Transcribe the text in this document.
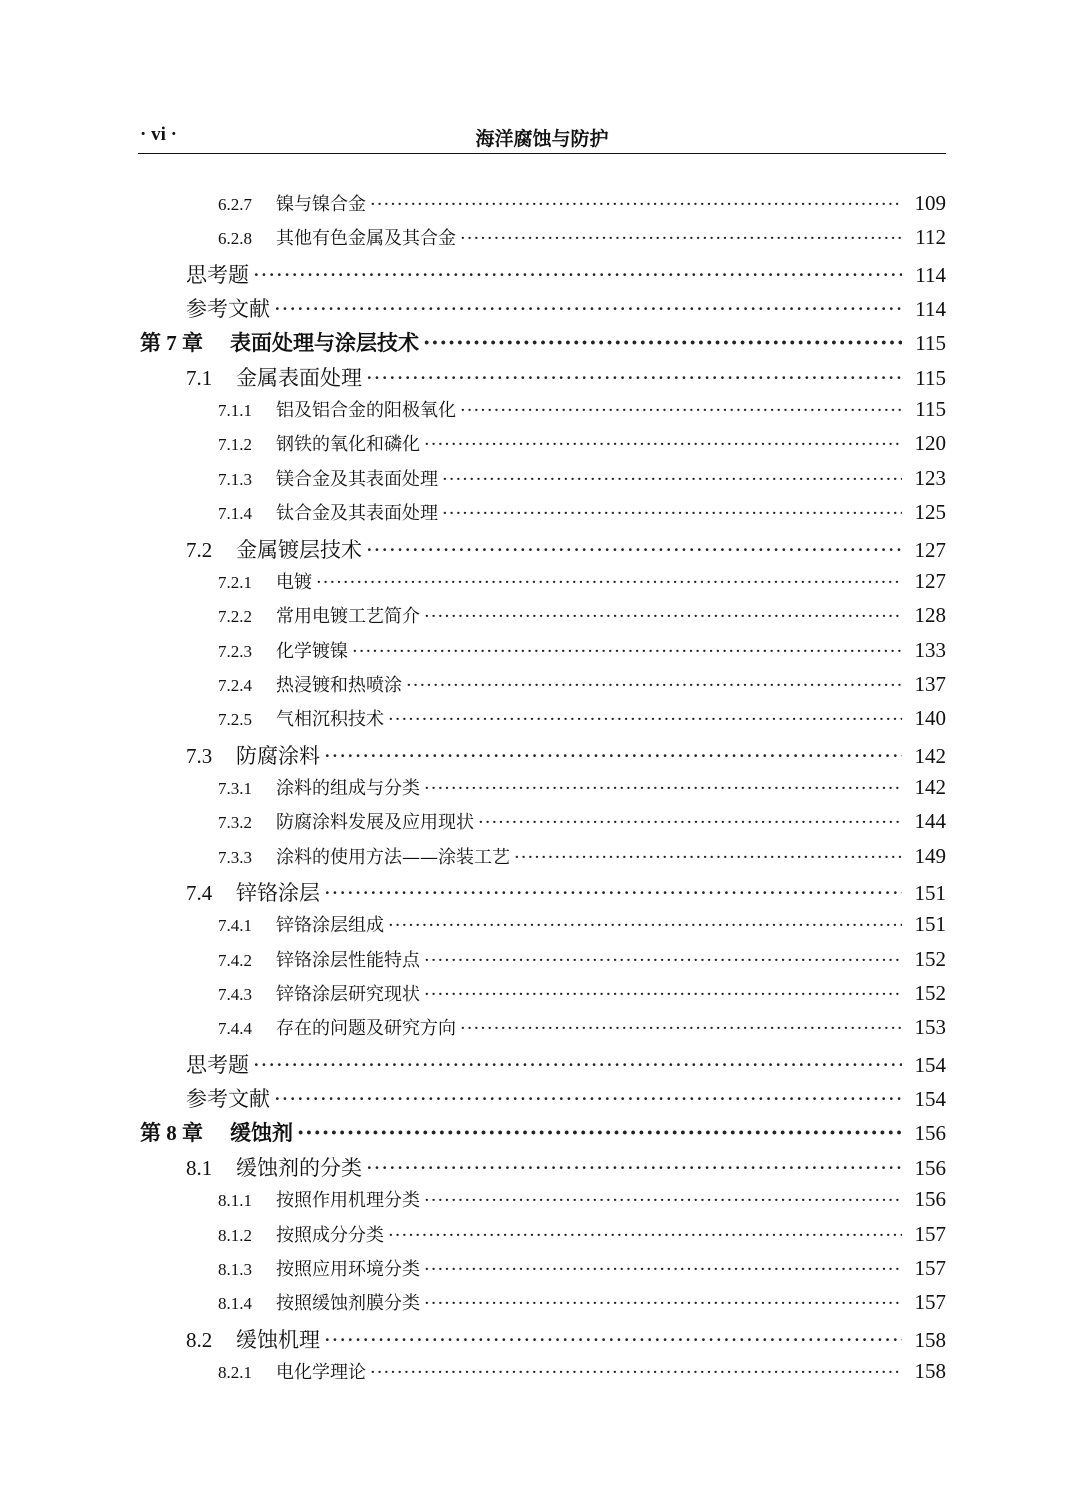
· vi ·	海洋腐蚀与防护
6.2.7	镍与镍合金 ·····	109
6.2.8	其他有色金属及其合金 ·····	112
思考题 ·····	114
参考文献 ·····	114
第 7 章	表面处理与涂层技术 ·····	115
7.1	金属表面处理 ·····	115
7.1.1	铝及铝合金的阳极氧化 ·····	115
7.1.2	钢铁的氧化和磷化 ·····	120
7.1.3	镁合金及其表面处理 ·····	123
7.1.4	钛合金及其表面处理 ·····	125
7.2	金属镀层技术 ·····	127
7.2.1	电镀 ·····	127
7.2.2	常用电镀工艺简介 ·····	128
7.2.3	化学镀镍 ·····	133
7.2.4	热浸镀和热喷涂 ·····	137
7.2.5	气相沉积技术 ·····	140
7.3	防腐涂料 ·····	142
7.3.1	涂料的组成与分类 ·····	142
7.3.2	防腐涂料发展及应用现状 ·····	144
7.3.3	涂料的使用方法——涂装工艺 ·····	149
7.4	锌铬涂层 ·····	151
7.4.1	锌铬涂层组成 ·····	151
7.4.2	锌铬涂层性能特点 ·····	152
7.4.3	锌铬涂层研究现状 ·····	152
7.4.4	存在的问题及研究方向 ·····	153
思考题 ·····	154
参考文献 ·····	154
第 8 章	缓蚀剂 ·····	156
8.1	缓蚀剂的分类 ·····	156
8.1.1	按照作用机理分类 ·····	156
8.1.2	按照成分分类 ·····	157
8.1.3	按照应用环境分类 ·····	157
8.1.4	按照缓蚀剂膜分类 ·····	157
8.2	缓蚀机理 ·····	158
8.2.1	电化学理论 ·····	158
